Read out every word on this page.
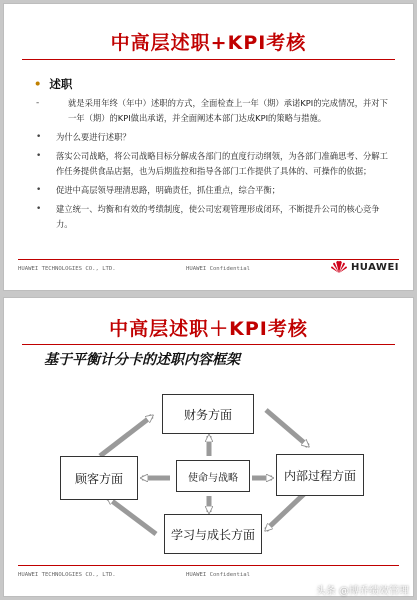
中高层述职+KPI考核
• 述职
-	就是采用年终（年中）述职的方式，全面检查上一年（期）承诺KPI的完成情况，并对下一年（期）的KPI做出承诺，并全面阐述本部门达成KPI的策略与措施。
• 为什么要进行述职？
• 落实公司战略，将公司战略目标分解成各部门的直度行动纲领，为各部门准确思考、分解工作任务提供食品店据，也为后期监控和指导各部门工作提供了具体的、可操作的依据；
• 促进中高层领导理清思路，明确责任，抓住重点，综合平衡；
• 建立统一、均衡和有效的考绩制度，使公司宏观管理形成闭环，不断提升公司的核心竞争力。
HUAWEI TECHNOLOGIES CO., LTD.	HUAWEI Confidential	HUAWEI
中高层述职＋KPI考核
基于平衡计分卡的述职内容框架
财务方面
顾客方面	使命与战略	内部过程方面
学习与成长方面
HUAWEI TECHNOLOGIES CO., LTD.	HUAWEI Confidential
头条 @博乔绩效管理
